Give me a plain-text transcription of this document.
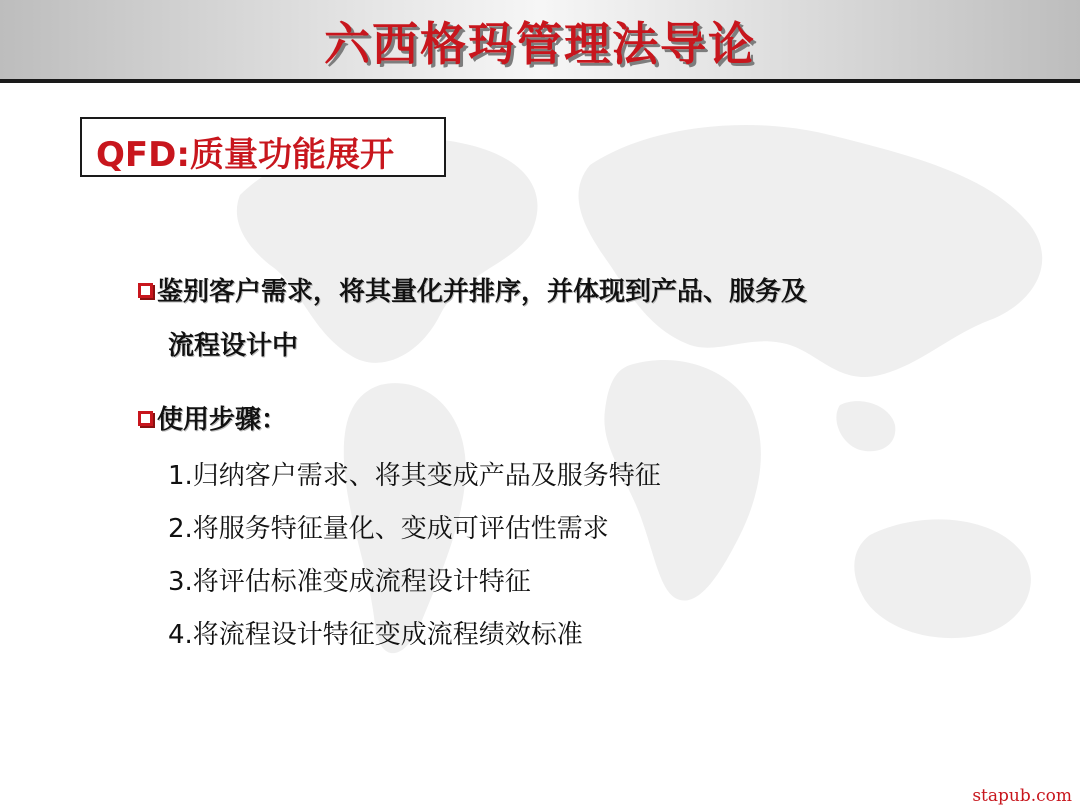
六西格玛管理法导论
QFD:质量功能展开
鉴别客户需求，将其量化并排序，并体现到产品、服务及
流程设计中
使用步骤：
1.归纳客户需求、将其变成产品及服务特征
2.将服务特征量化、变成可评估性需求
3.将评估标准变成流程设计特征
4.将流程设计特征变成流程绩效标准
stapub.com
